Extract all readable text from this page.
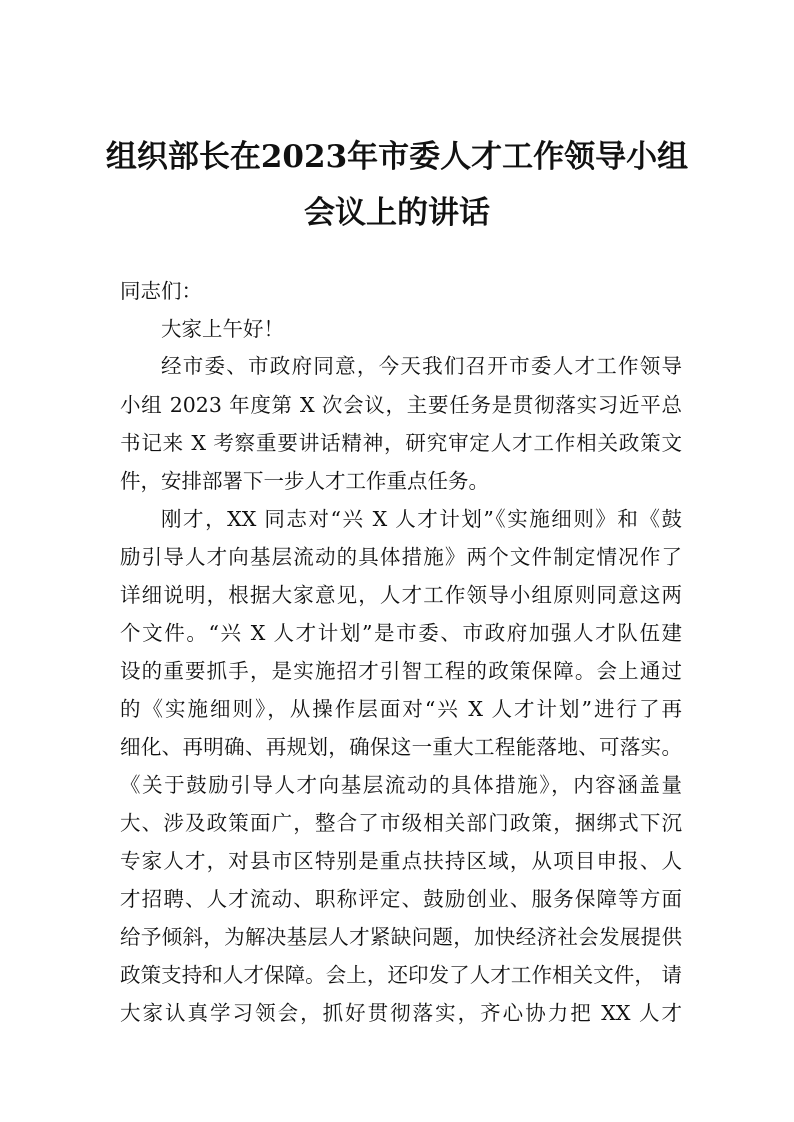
组织部长在2023年市委人才工作领导小组
会议上的讲话
同志们：
大家上午好！
经市委、市政府同意，今天我们召开市委人才工作领导
小组 2023 年度第 X 次会议，主要任务是贯彻落实习近平总
书记来 X 考察重要讲话精神，研究审定人才工作相关政策文
件，安排部署下一步人才工作重点任务。
刚才，XX 同志对“兴 X 人才计划”《实施细则》和《鼓
励引导人才向基层流动的具体措施》两个文件制定情况作了
详细说明，根据大家意见，人才工作领导小组原则同意这两
个文件。“兴 X 人才计划”是市委、市政府加强人才队伍建
设的重要抓手，是实施招才引智工程的政策保障。会上通过
的《实施细则》，从操作层面对“兴 X 人才计划”进行了再
细化、再明确、再规划，确保这一重大工程能落地、可落实。
《关于鼓励引导人才向基层流动的具体措施》，内容涵盖量
大、涉及政策面广，整合了市级相关部门政策，捆绑式下沉
专家人才，对县市区特别是重点扶持区域，从项目申报、人
才招聘、人才流动、职称评定、鼓励创业、服务保障等方面
给予倾斜，为解决基层人才紧缺问题，加快经济社会发展提供
政策支持和人才保障。会上，还印发了人才工作相关文件， 请
大家认真学习领会，抓好贯彻落实，齐心协力把 XX 人才
